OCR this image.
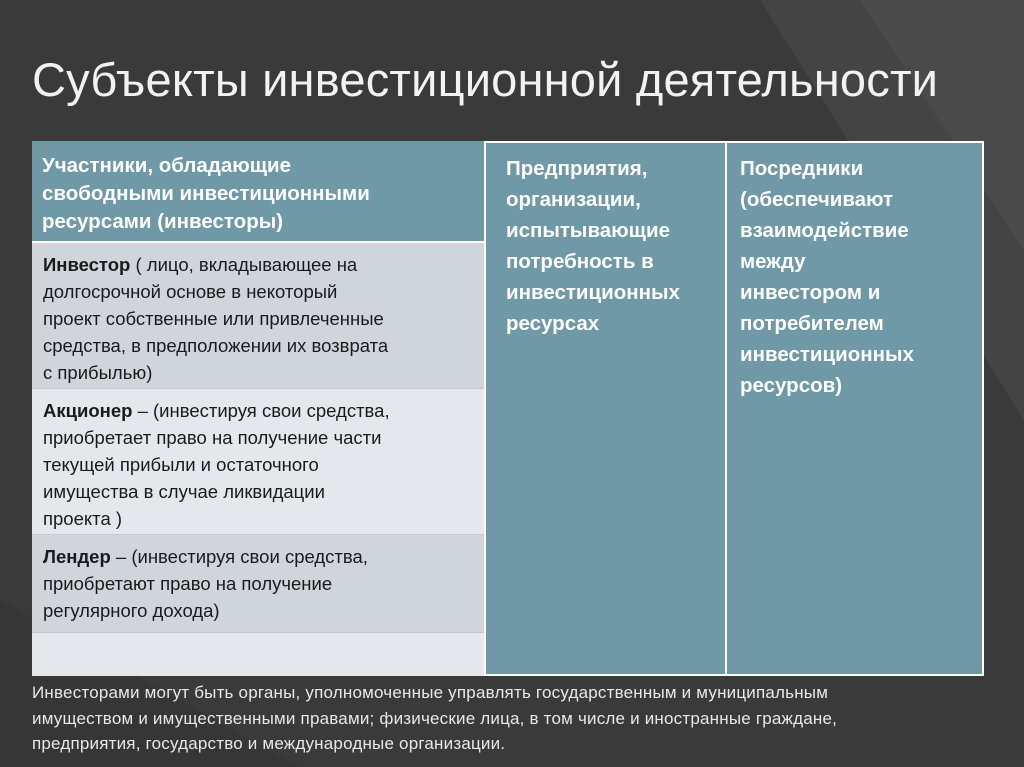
Субъекты инвестиционной деятельности
Участники, обладающие
свободными инвестиционными
ресурсами (инвесторы)
Инвестор ( лицо, вкладывающее на
долгосрочной основе в некоторый
проект собственные или привлеченные
средства, в предположении их возврата
с прибылью)
Акционер – (инвестируя свои средства,
приобретает право на получение части
текущей прибыли и остаточного
имущества в случае ликвидации
проекта )
Лендер – (инвестируя свои средства,
приобретают право на получение
регулярного дохода)
Предприятия,
организации,
испытывающие
потребность в
инвестиционных
ресурсах
Посредники
(обеспечивают
взаимодействие
между
инвестором и
потребителем
инвестиционных
ресурсов)
Инвесторами могут быть органы, уполномоченные управлять государственным и муниципальным
имуществом и имущественными правами; физические лица, в том числе и иностранные граждане,
предприятия, государство и международные организации.
